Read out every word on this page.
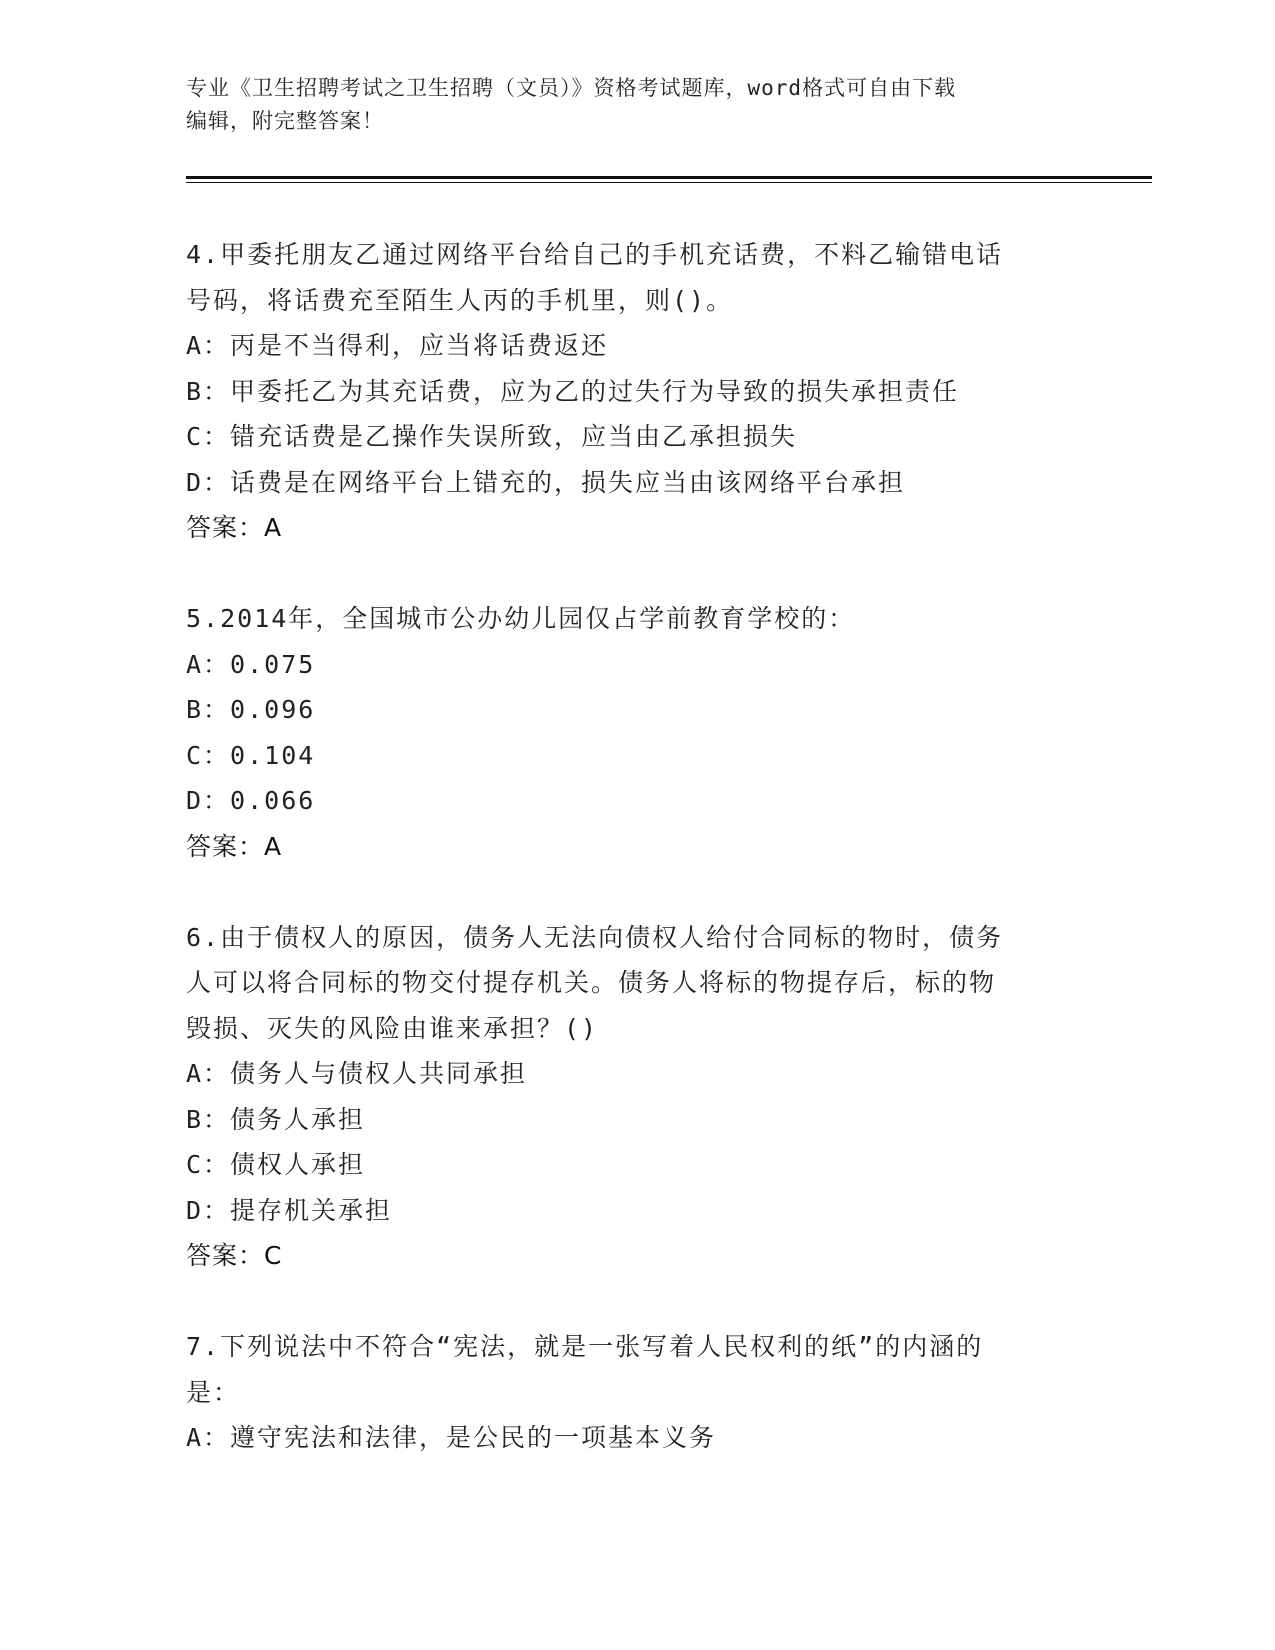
专业《卫生招聘考试之卫生招聘（文员）》资格考试题库，word格式可自由下载
编辑，附完整答案！
4.甲委托朋友乙通过网络平台给自己的手机充话费，不料乙输错电话
号码，将话费充至陌生人丙的手机里，则()。
A：丙是不当得利，应当将话费返还
B：甲委托乙为其充话费，应为乙的过失行为导致的损失承担责任
C：错充话费是乙操作失误所致，应当由乙承担损失
D：话费是在网络平台上错充的，损失应当由该网络平台承担
答案：A
5.2014年，全国城市公办幼儿园仅占学前教育学校的：
A：0.075
B：0.096
C：0.104
D：0.066
答案：A
6.由于债权人的原因，债务人无法向债权人给付合同标的物时，债务
人可以将合同标的物交付提存机关。债务人将标的物提存后，标的物
毁损、灭失的风险由谁来承担？()
A：债务人与债权人共同承担
B：债务人承担
C：债权人承担
D：提存机关承担
答案：C
7.下列说法中不符合“宪法，就是一张写着人民权利的纸”的内涵的
是：
A：遵守宪法和法律，是公民的一项基本义务
